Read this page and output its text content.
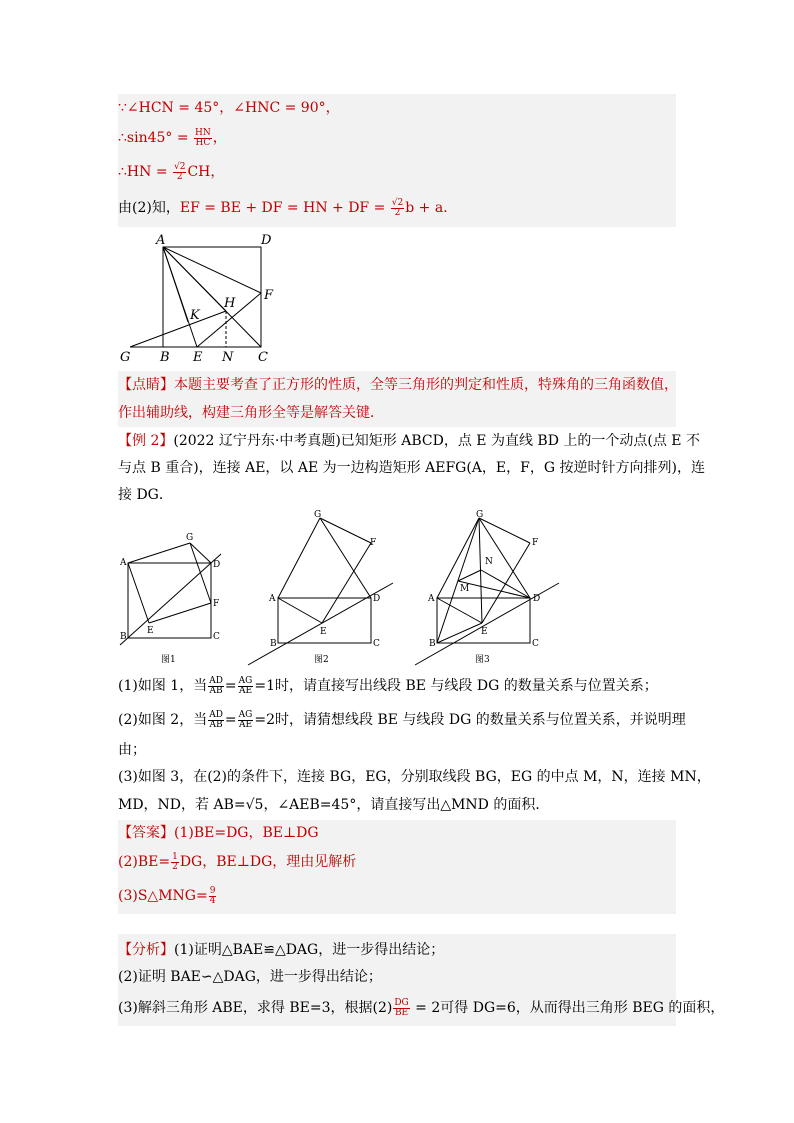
∵∠HCN = 45°，∠HNC = 90°，
∴sin45° = $\frac{HN}{HC}$ ，
∴HN = $\frac{√2}{2}$ CH，
由(2)知，EF = BE + DF = HN + DF = $\frac{√2}{2}$ b + a．
A	D
F
H
K
G B E N C
【点睛】本题主要考查了正方形的性质，全等三角形的判定和性质，特殊角的三角函数值，
作出辅助线，构建三角形全等是解答关键．
【例 2】(2022 辽宁丹东·中考真题)已知矩形 ABCD，点 E 为直线 BD 上的一个动点(点 E 不
与点 B 重合)，连接 AE，以 AE 为一边构造矩形 AEFG(A，E，F，G 按逆时针方向排列)，连
接 DG．
A
G
D
F
E
B	C
G
F
A	D
E
B	C
G
F
N
A
M
D
E
B	C
图1	图2	图3
(1)如图 1，当 $\frac{AD}{AB} = \frac{AG}{AE} =1$时，请直接写出线段 BE 与线段 DG 的数量关系与位置关系；
(2)如图 2，当 $\frac{AD}{AB} = \frac{AG}{AE} =2$时，请猜想线段 BE 与线段 DG 的数量关系与位置关系，并说明理
由；
(3)如图 3，在(2)的条件下，连接 BG，EG，分别取线段 BG，EG 的中点 M，N，连接 MN，
MD，ND，若 AB=√5，∠AEB=45°，请直接写出△MND 的面积．
【答案】(1)BE=DG，BE⊥DG
$(2)BE= \frac{1}{2}$ DG，BE⊥DG，理由见解析
(3)S△MNG= $\frac{9}{4}$
【分析】(1)证明△BAE≌△DAG，进一步得出结论；
(2)证明 BAE∽△DAG，进一步得出结论；
(3)解斜三角形 ABE，求得 BE=3，根据$(2) \frac{DG}{BE} = 2$可得 DG=6，从而得出三角形 BEG 的面积，
